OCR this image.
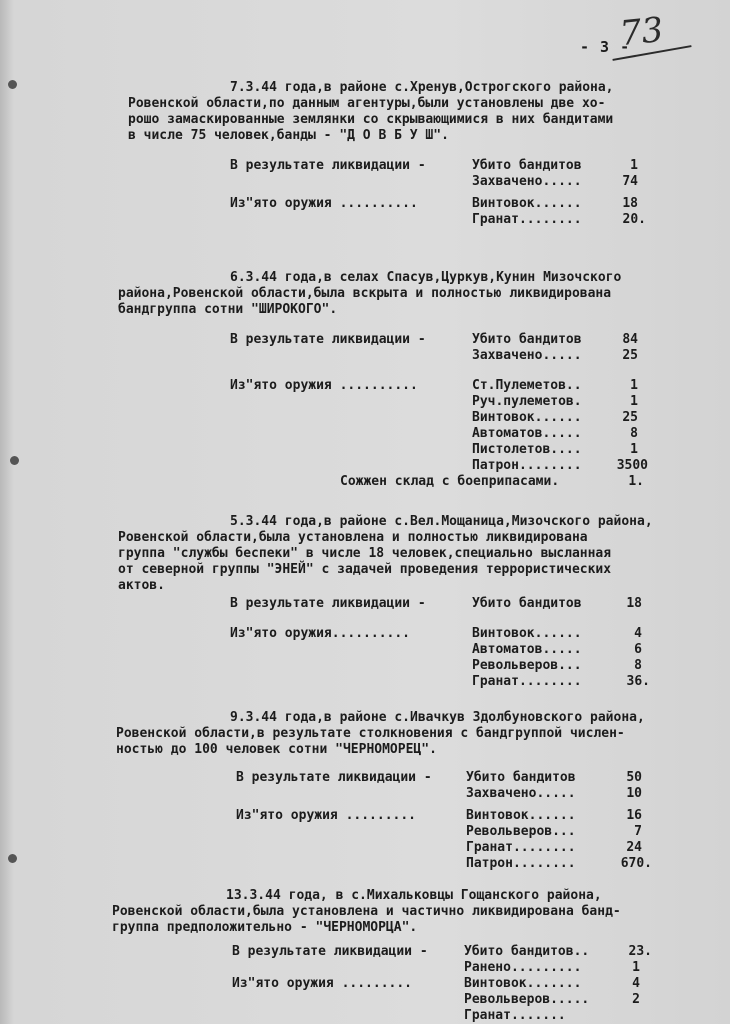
- 3 -
73
7.3.44 года,в районе с.Хренув,Острогского района,
Ровенской области,по данным агентуры,были установлены две хо-
рошо замаскированные землянки со скрывающимися в них бандитами
в числе 75 человек,банды - "Д О В Б У Ш".
В результате ликвидации -	Убито бандитов	1
Захвачено.....	74
Из"ято оружия ..........	Винтовок......	18
Гранат........	20.
6.3.44 года,в селах Спасув,Цуркув,Кунин Мизочского
района,Ровенской области,была вскрыта и полностью ликвидирована
бандгруппа сотни "ШИРОКОГО".
В результате ликвидации -	Убито бандитов	84
Захвачено.....	25
Из"ято оружия ..........	Ст.Пулеметов..	1
Руч.пулеметов.	1
Винтовок......	25
Автоматов.....	8
Пистолетов....	1
Патрон........	3500
Сожжен склад с боеприпасами.	1.
5.3.44 года,в районе с.Вел.Мощаница,Мизочского района,
Ровенской области,была установлена и полностью ликвидирована
группа "службы беспеки" в числе 18 человек,специально высланная
от северной группы "ЭНЕЙ" с задачей проведения террористических
актов.
В результате ликвидации -	Убито бандитов	18
Из"ято оружия..........	Винтовок......	4
Автоматов.....	6
Револьверов...	8
Гранат........	36.
9.3.44 года,в районе с.Ивачкув Здолбуновского района,
Ровенской области,в результате столкновения с бандгруппой числен-
ностью до 100 человек сотни "ЧЕРНОМОРЕЦ".
В результате ликвидации -	Убито бандитов	50
Захвачено.....	10
Из"ято оружия .........	Винтовок......	16
Револьверов...	7
Гранат........	24
Патрон........	670.
13.3.44 года, в с.Михальковцы Гощанского района,
Ровенской области,была установлена и частично ликвидирована банд-
группа предположительно - "ЧЕРНОМОРЦА".
В результате ликвидации -	Убито бандитов..	23.
Ранено.........	1
Из"ято оружия .........	Винтовок.......	4
Револьверов.....	2
Гранат.......
